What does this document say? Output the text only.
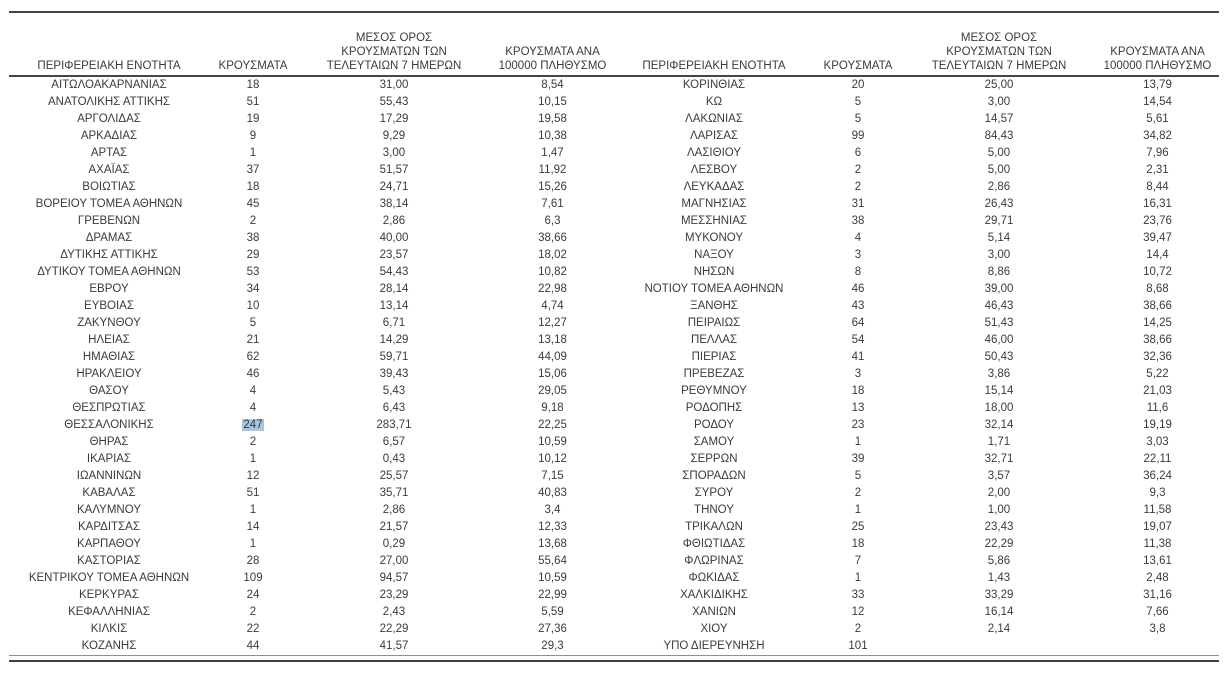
ΠΕΡΙΦΕΡΕΙΑΚΗ ΕΝΟΤΗΤΑ	ΚΡΟΥΣΜΑΤΑ	ΜΕΣΟΣ ΟΡΟΣ ΚΡΟΥΣΜΑΤΩΝ ΤΩΝ ΤΕΛΕΥΤΑΙΩΝ 7 ΗΜΕΡΩΝ	ΚΡΟΥΣΜΑΤΑ ΑΝΑ 100000 ΠΛΗΘΥΣΜΟ
ΑΙΤΩΛΟΑΚΑΡΝΑΝΙΑΣ	18	31,00	8,54
ΑΝΑΤΟΛΙΚΗΣ ΑΤΤΙΚΗΣ	51	55,43	10,15
ΑΡΓΟΛΙΔΑΣ	19	17,29	19,58
ΑΡΚΑΔΙΑΣ	9	9,29	10,38
ΑΡΤΑΣ	1	3,00	1,47
ΑΧΑΪΑΣ	37	51,57	11,92
ΒΟΙΩΤΙΑΣ	18	24,71	15,26
ΒΟΡΕΙΟΥ ΤΟΜΕΑ ΑΘΗΝΩΝ	45	38,14	7,61
ΓΡΕΒΕΝΩΝ	2	2,86	6,3
ΔΡΑΜΑΣ	38	40,00	38,66
ΔΥΤΙΚΗΣ ΑΤΤΙΚΗΣ	29	23,57	18,02
ΔΥΤΙΚΟΥ ΤΟΜΕΑ ΑΘΗΝΩΝ	53	54,43	10,82
ΕΒΡΟΥ	34	28,14	22,98
ΕΥΒΟΙΑΣ	10	13,14	4,74
ΖΑΚΥΝΘΟΥ	5	6,71	12,27
ΗΛΕΙΑΣ	21	14,29	13,18
ΗΜΑΘΙΑΣ	62	59,71	44,09
ΗΡΑΚΛΕΙΟΥ	46	39,43	15,06
ΘΑΣΟΥ	4	5,43	29,05
ΘΕΣΠΡΩΤΙΑΣ	4	6,43	9,18
ΘΕΣΣΑΛΟΝΙΚΗΣ	247	283,71	22,25
ΘΗΡΑΣ	2	6,57	10,59
ΙΚΑΡΙΑΣ	1	0,43	10,12
ΙΩΑΝΝΙΝΩΝ	12	25,57	7,15
ΚΑΒΑΛΑΣ	51	35,71	40,83
ΚΑΛΥΜΝΟΥ	1	2,86	3,4
ΚΑΡΔΙΤΣΑΣ	14	21,57	12,33
ΚΑΡΠΑΘΟΥ	1	0,29	13,68
ΚΑΣΤΟΡΙΑΣ	28	27,00	55,64
ΚΕΝΤΡΙΚΟΥ ΤΟΜΕΑ ΑΘΗΝΩΝ	109	94,57	10,59
ΚΕΡΚΥΡΑΣ	24	23,29	22,99
ΚΕΦΑΛΛΗΝΙΑΣ	2	2,43	5,59
ΚΙΛΚΙΣ	22	22,29	27,36
ΚΟΖΑΝΗΣ	44	41,57	29,3
ΠΕΡΙΦΕΡΕΙΑΚΗ ΕΝΟΤΗΤΑ	ΚΡΟΥΣΜΑΤΑ	ΜΕΣΟΣ ΟΡΟΣ ΚΡΟΥΣΜΑΤΩΝ ΤΩΝ ΤΕΛΕΥΤΑΙΩΝ 7 ΗΜΕΡΩΝ	ΚΡΟΥΣΜΑΤΑ ΑΝΑ 100000 ΠΛΗΘΥΣΜΟ
ΚΟΡΙΝΘΙΑΣ	20	25,00	13,79
ΚΩ	5	3,00	14,54
ΛΑΚΩΝΙΑΣ	5	14,57	5,61
ΛΑΡΙΣΑΣ	99	84,43	34,82
ΛΑΣΙΘΙΟΥ	6	5,00	7,96
ΛΕΣΒΟΥ	2	5,00	2,31
ΛΕΥΚΑΔΑΣ	2	2,86	8,44
ΜΑΓΝΗΣΙΑΣ	31	26,43	16,31
ΜΕΣΣΗΝΙΑΣ	38	29,71	23,76
ΜΥΚΟΝΟΥ	4	5,14	39,47
ΝΑΞΟΥ	3	3,00	14,4
ΝΗΣΩΝ	8	8,86	10,72
ΝΟΤΙΟΥ ΤΟΜΕΑ ΑΘΗΝΩΝ	46	39,00	8,68
ΞΑΝΘΗΣ	43	46,43	38,66
ΠΕΙΡΑΙΩΣ	64	51,43	14,25
ΠΕΛΛΑΣ	54	46,00	38,66
ΠΙΕΡΙΑΣ	41	50,43	32,36
ΠΡΕΒΕΖΑΣ	3	3,86	5,22
ΡΕΘΥΜΝΟΥ	18	15,14	21,03
ΡΟΔΟΠΗΣ	13	18,00	11,6
ΡΟΔΟΥ	23	32,14	19,19
ΣΑΜΟΥ	1	1,71	3,03
ΣΕΡΡΩΝ	39	32,71	22,11
ΣΠΟΡΑΔΩΝ	5	3,57	36,24
ΣΥΡΟΥ	2	2,00	9,3
ΤΗΝΟΥ	1	1,00	11,58
ΤΡΙΚΑΛΩΝ	25	23,43	19,07
ΦΘΙΩΤΙΔΑΣ	18	22,29	11,38
ΦΛΩΡΙΝΑΣ	7	5,86	13,61
ΦΩΚΙΔΑΣ	1	1,43	2,48
ΧΑΛΚΙΔΙΚΗΣ	33	33,29	31,16
ΧΑΝΙΩΝ	12	16,14	7,66
ΧΙΟΥ	2	2,14	3,8
ΥΠΟ ΔΙΕΡΕΥΝΗΣΗ	101		
